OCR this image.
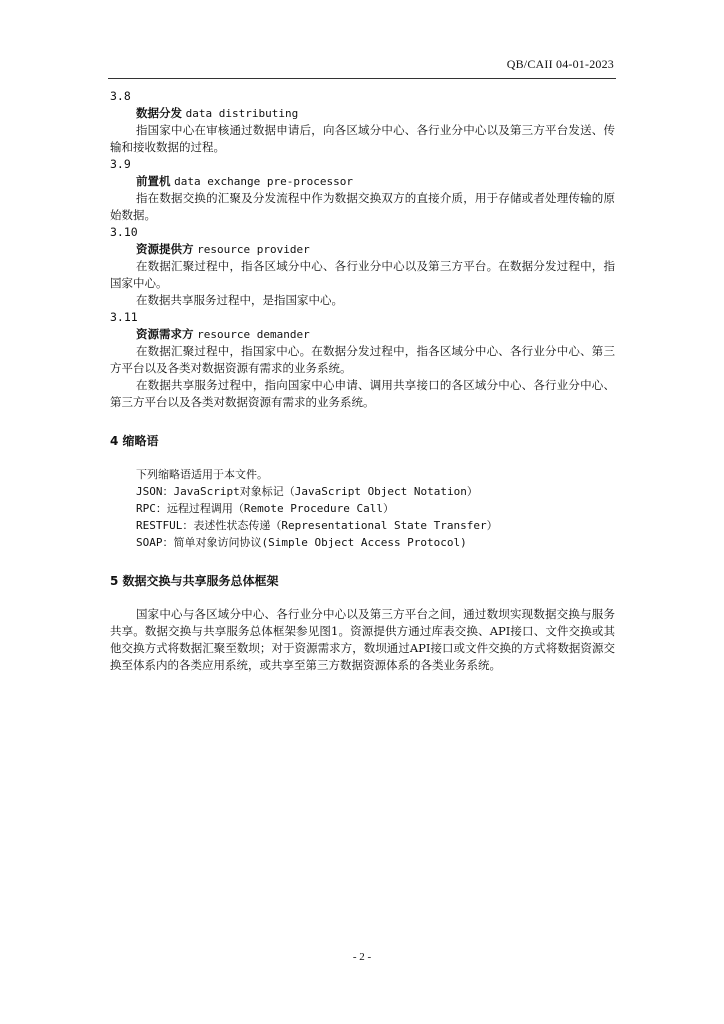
QB/CAII 04-01-2023
3.8
数据分发 data distributing
指国家中心在审核通过数据申请后，向各区域分中心、各行业分中心以及第三方平台发送、传输和接收数据的过程。
3.9
前置机 data exchange pre-processor
指在数据交换的汇聚及分发流程中作为数据交换双方的直接介质，用于存储或者处理传输的原始数据。
3.10
资源提供方 resource provider
在数据汇聚过程中，指各区域分中心、各行业分中心以及第三方平台。在数据分发过程中，指国家中心。
在数据共享服务过程中，是指国家中心。
3.11
资源需求方 resource demander
在数据汇聚过程中，指国家中心。在数据分发过程中，指各区域分中心、各行业分中心、第三方平台以及各类对数据资源有需求的业务系统。
在数据共享服务过程中，指向国家中心申请、调用共享接口的各区域分中心、各行业分中心、第三方平台以及各类对数据资源有需求的业务系统。
4 缩略语
下列缩略语适用于本文件。
JSON：JavaScript对象标记（JavaScript Object Notation）
RPC：远程过程调用（Remote Procedure Call）
RESTFUL：表述性状态传递（Representational State Transfer）
SOAP：简单对象访问协议(Simple Object Access Protocol)
5 数据交换与共享服务总体框架
国家中心与各区域分中心、各行业分中心以及第三方平台之间，通过数坝实现数据交换与服务共享。数据交换与共享服务总体框架参见图1。资源提供方通过库表交换、API接口、文件交换或其他交换方式将数据汇聚至数坝；对于资源需求方，数坝通过API接口或文件交换的方式将数据资源交换至体系内的各类应用系统，或共享至第三方数据资源体系的各类业务系统。
- 2 -
